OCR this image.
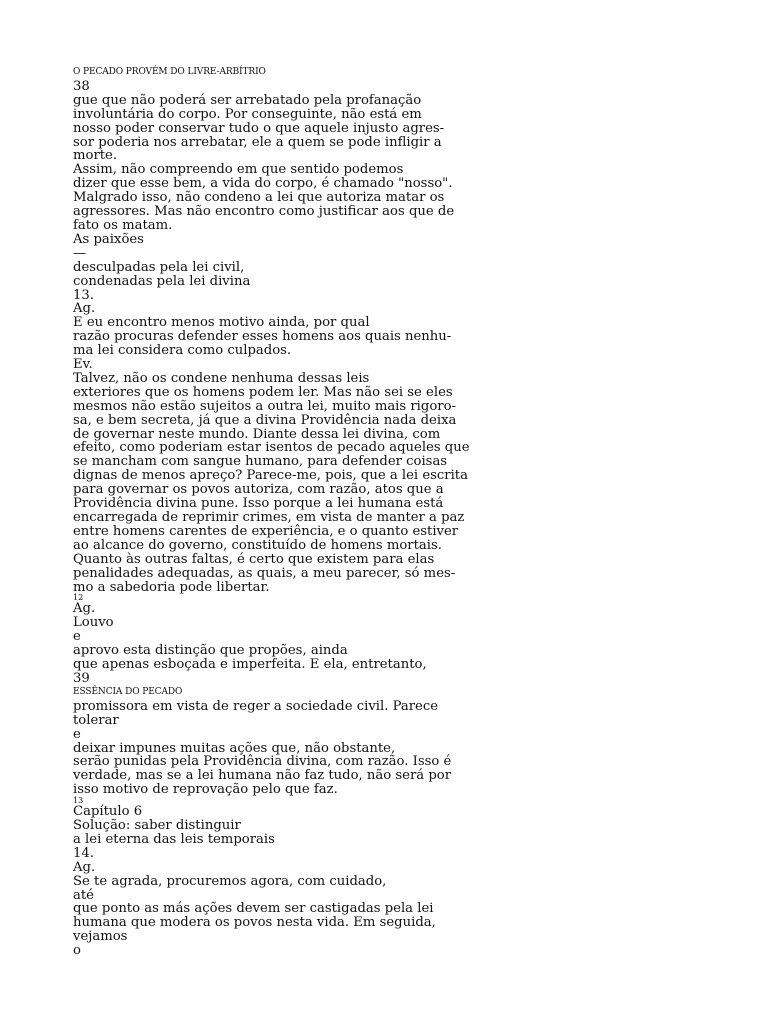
O PECADO PROVÉM DO LIVRE-ARBÍTRIO
38
gue que não poderá ser arrebatado pela profanação
involuntária do corpo. Por conseguinte, não está em
nosso poder conservar tudo o que aquele injusto agres-
sor poderia nos arrebatar, ele a quem se pode infligir a
morte.
Assim, não compreendo em que sentido podemos
dizer que esse bem, a vida do corpo, é chamado "nosso".
Malgrado isso, não condeno a lei que autoriza matar os
agressores. Mas não encontro como justificar aos que de
fato os matam.
As paixões
—
desculpadas pela lei civil,
condenadas pela lei divina
13.
Ag.
E eu encontro menos motivo ainda, por qual
razão procuras defender esses homens aos quais nenhu-
ma lei considera como culpados.
Ev.
Talvez, não os condene nenhuma dessas leis
exteriores que os homens podem ler. Mas não sei se eles
mesmos não estão sujeitos a outra lei, muito mais rigoro-
sa, e bem secreta, já que a divina Providência nada deixa
de governar neste mundo. Diante dessa lei divina, com
efeito, como poderiam estar isentos de pecado aqueles que
se mancham com sangue humano, para defender coisas
dignas de menos apreço? Parece-me, pois, que a lei escrita
para governar os povos autoriza, com razão, atos que a
Providência divina pune. Isso porque a lei humana está
encarregada de reprimir crimes, em vista de manter a paz
entre homens carentes de experiência, e o quanto estiver
ao alcance do governo, constituído de homens mortais.
Quanto às outras faltas, é certo que existem para elas
penalidades adequadas, as quais, a meu parecer, só mes-
mo a sabedoria pode libertar.
12
Ag.
Louvo
e
aprovo esta distinção que propões, ainda
que apenas esboçada e imperfeita. E ela, entretanto,
39
ESSÊNCIA DO PECADO
promissora em vista de reger a sociedade civil. Parece
tolerar
e
deixar impunes muitas ações que, não obstante,
serão punidas pela Providência divina, com razão. Isso é
verdade, mas se a lei humana não faz tudo, não será por
isso motivo de reprovação pelo que faz.
13
Capítulo 6
Solução: saber distinguir
a lei eterna das leis temporais
14.
Ag.
Se te agrada, procuremos agora, com cuidado,
até
que ponto as más ações devem ser castigadas pela lei
humana que modera os povos nesta vida. Em seguida,
vejamos
o
